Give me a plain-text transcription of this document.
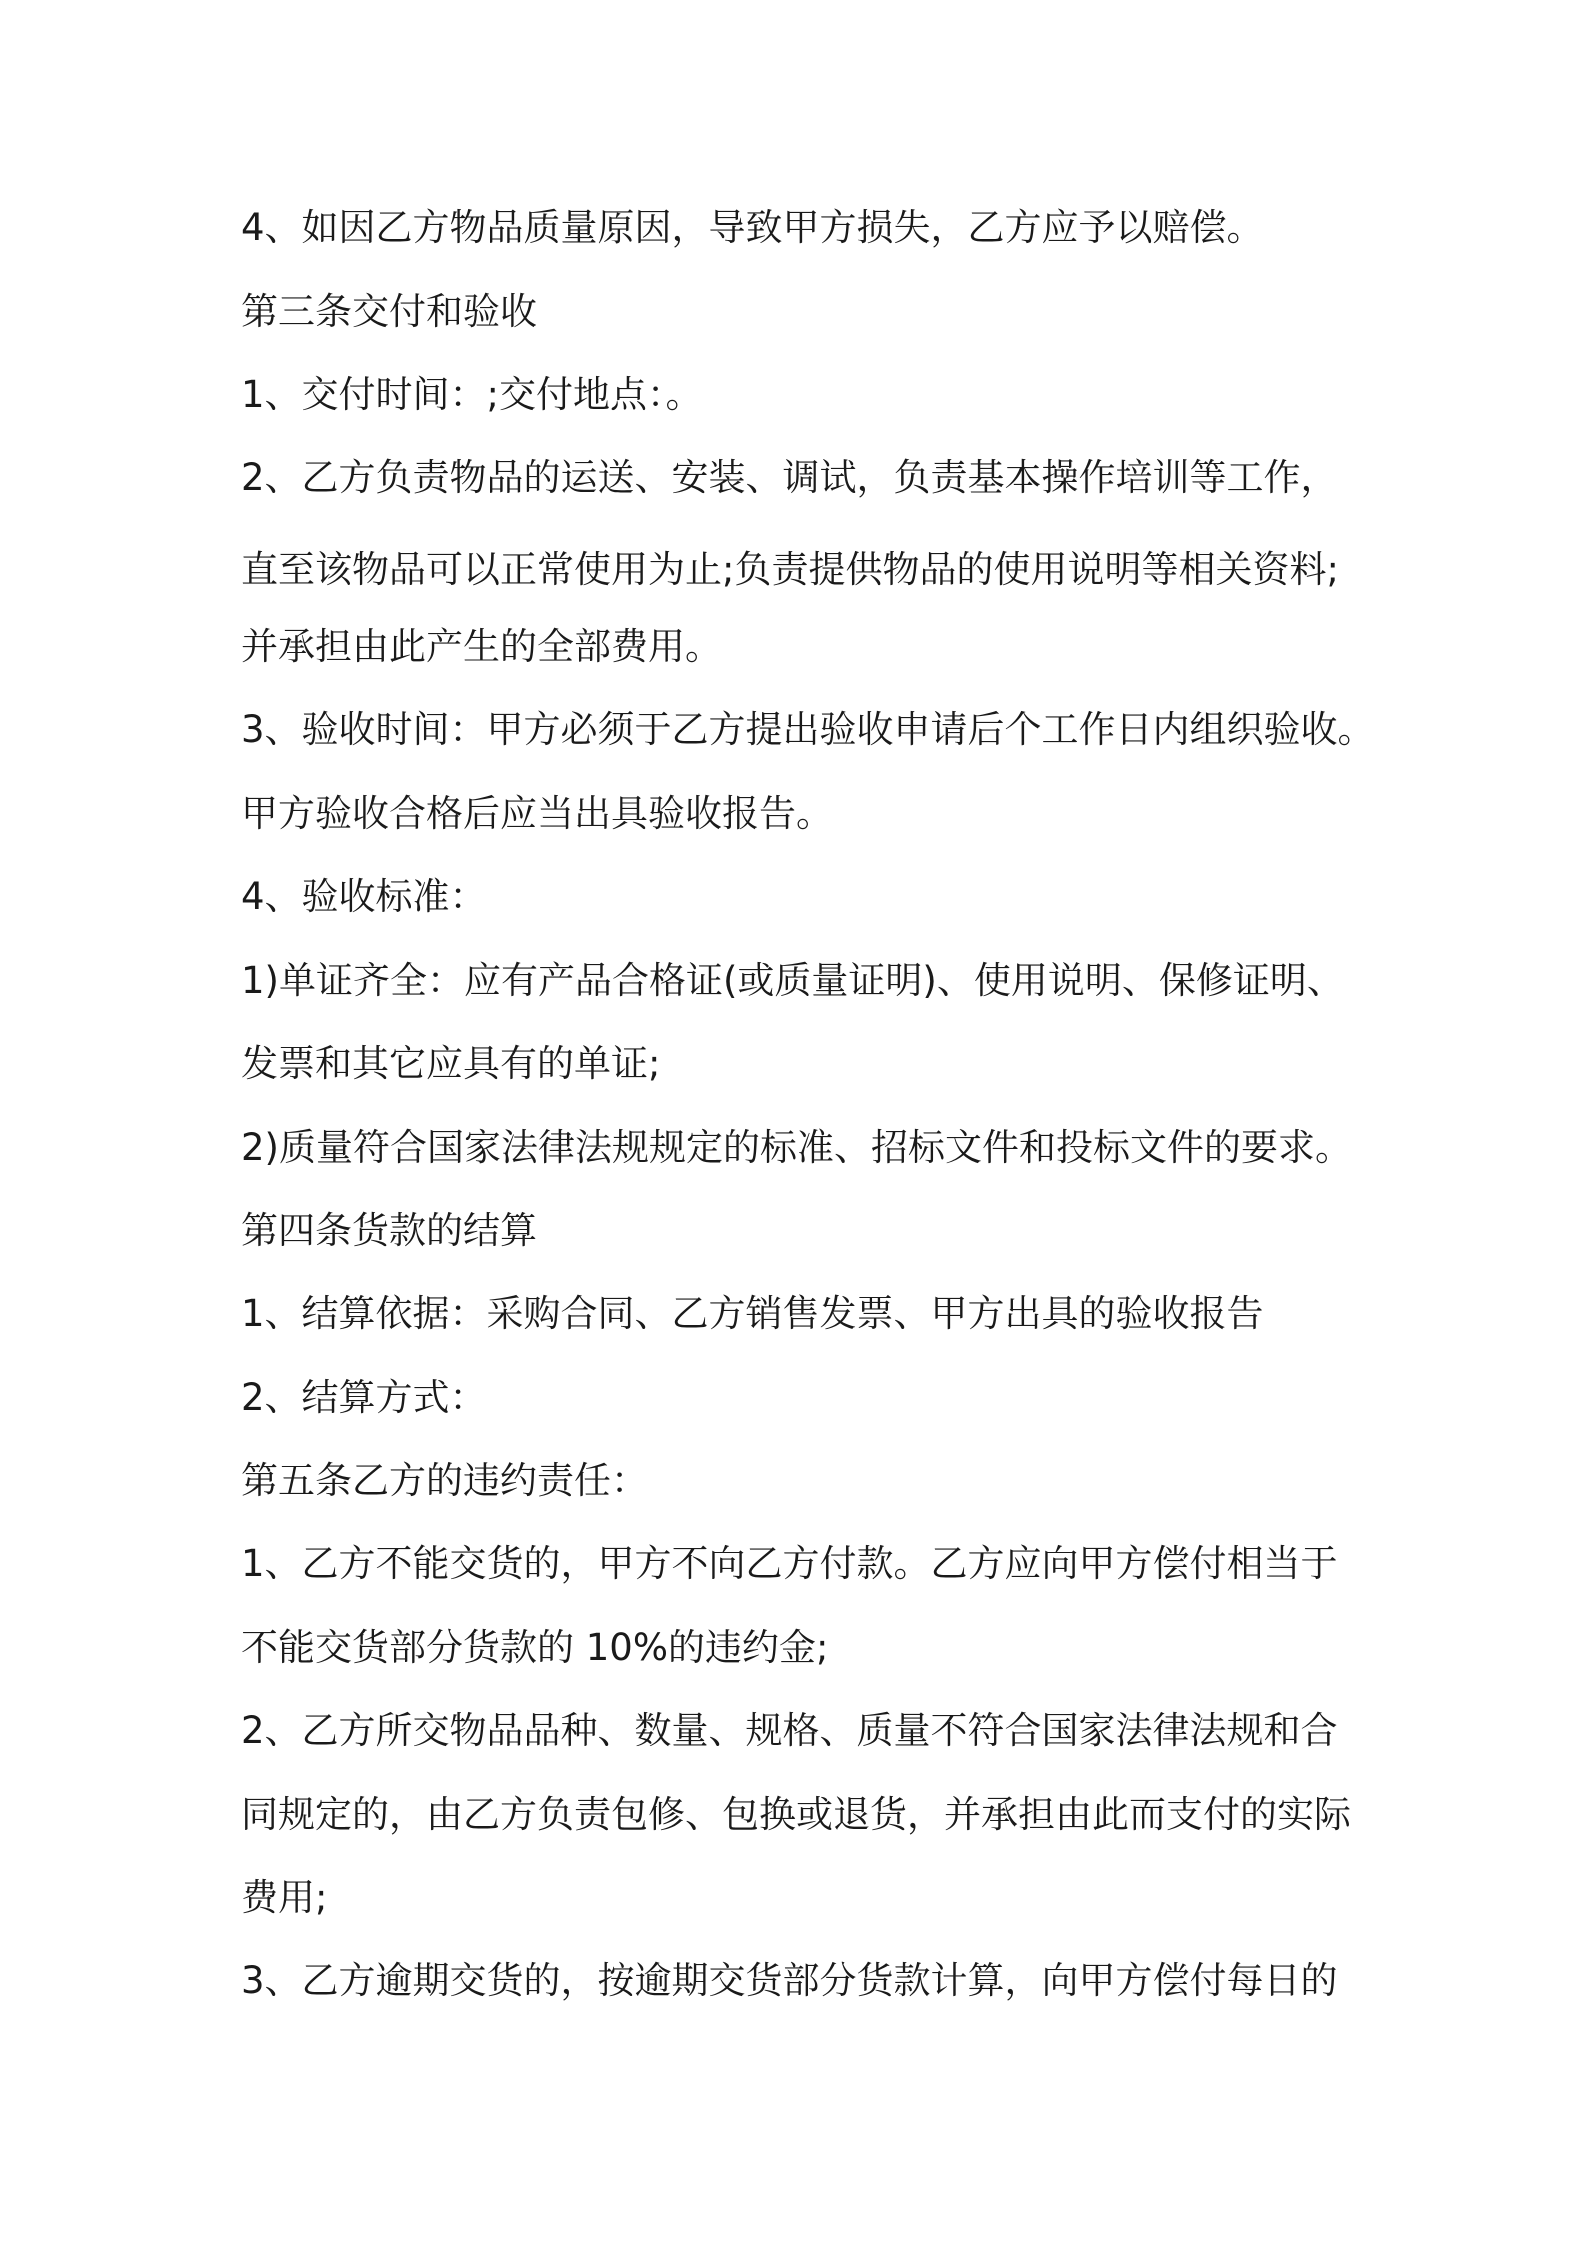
4、如因乙方物品质量原因，导致甲方损失，乙方应予以赔偿。
第三条交付和验收
1、交付时间：;交付地点：。
2、乙方负责物品的运送、安装、调试，负责基本操作培训等工作，
直至该物品可以正常使用为止;负责提供物品的使用说明等相关资料;
并承担由此产生的全部费用。
3、验收时间：甲方必须于乙方提出验收申请后个工作日内组织验收。
甲方验收合格后应当出具验收报告。
4、验收标准：
1)单证齐全：应有产品合格证(或质量证明)、使用说明、保修证明、
发票和其它应具有的单证;
2)质量符合国家法律法规规定的标准、招标文件和投标文件的要求。
第四条货款的结算
1、结算依据：采购合同、乙方销售发票、甲方出具的验收报告
2、结算方式：
第五条乙方的违约责任：
1、乙方不能交货的，甲方不向乙方付款。乙方应向甲方偿付相当于
不能交货部分货款的 10%的违约金;
2、乙方所交物品品种、数量、规格、质量不符合国家法律法规和合
同规定的，由乙方负责包修、包换或退货，并承担由此而支付的实际
费用;
3、乙方逾期交货的，按逾期交货部分货款计算，向甲方偿付每日的
